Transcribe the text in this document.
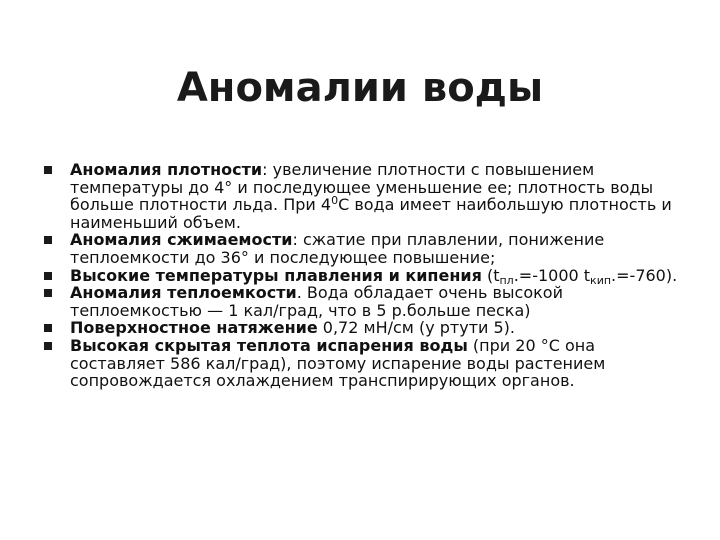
Аномалии воды
Аномалия плотности: увеличение плотности с повышением температуры до 4° и последующее уменьшение ее; плотность воды больше плотности льда. При $4^0С$ вода имеет наибольшую плотность и наименьший объем.
Аномалия сжимаемости: сжатие при плавлении, понижение теплоемкости до 36° и последующее повышение;
Высокие температуры плавления и кипения ($t_{пл}.=-1000$ $t_{кип}.=-760$).
Аномалия теплоемкости. Вода обладает очень высокой теплоемкостью — 1 кал/град, что в 5 р.больше песка)
Поверхностное натяжение 0,72 мН/см (у ртути 5).
Высокая скрытая теплота испарения воды (при 20 °С она составляет 586 кал/град), поэтому испарение воды растением сопровождается охлаждением транспирирующих органов.
